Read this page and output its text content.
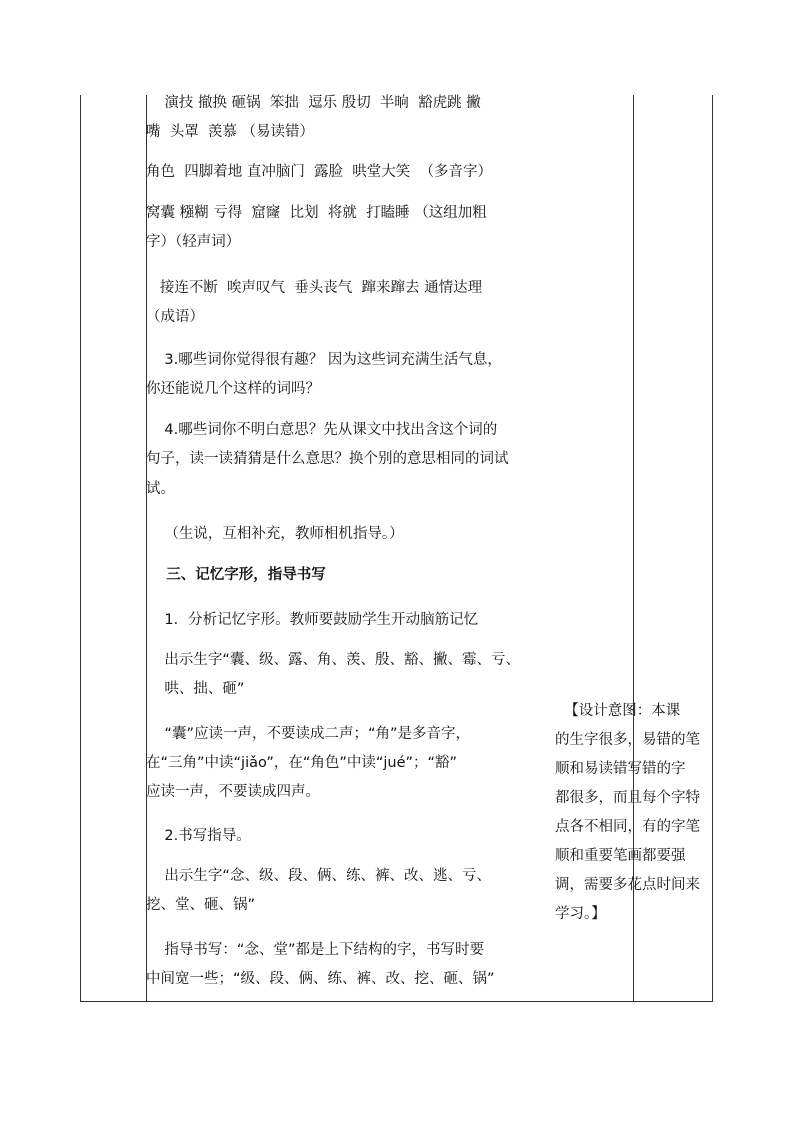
演技 撤换 砸锅  笨拙  逗乐 殷切  半晌  豁虎跳 撇
嘴  头罩  羡慕 （易读错）
角色  四脚着地 直冲脑门  露脸  哄堂大笑  （多音字）
窝囊 糨糊 亏得  窟窿  比划  将就  打瞌睡 （这组加粗
字）（轻声词）
接连不断  唉声叹气  垂头丧气  蹿来蹿去 通情达理
（成语）
3.哪些词你觉得很有趣？ 因为这些词充满生活气息，
你还能说几个这样的词吗？
4.哪些词你不明白意思？先从课文中找出含这个词的
句子，读一读猜猜是什么意思？换个别的意思相同的词试
试。
（生说，互相补充，教师相机指导。）
三、记忆字形，指导书写
1．分析记忆字形。教师要鼓励学生开动脑筋记忆
出示生字“囊、级、露、角、羡、殷、豁、撇、霉、亏、
哄、拙、砸”
“囊”应读一声，不要读成二声；“角”是多音字，
在“三角”中读“jiǎo”，在“角色”中读“jué”；“豁”
应读一声，不要读成四声。
2.书写指导。
出示生字“念、级、段、俩、练、裤、改、逃、亏、
挖、堂、砸、锅”
指导书写：“念、堂”都是上下结构的字，书写时要
中间宽一些；“级、段、俩、练、裤、改、挖、砸、锅”
【设计意图：本课
的生字很多，易错的笔
顺和易读错写错的字
都很多，而且每个字特
点各不相同，有的字笔
顺和重要笔画都要强
调，需要多花点时间来
学习。】
